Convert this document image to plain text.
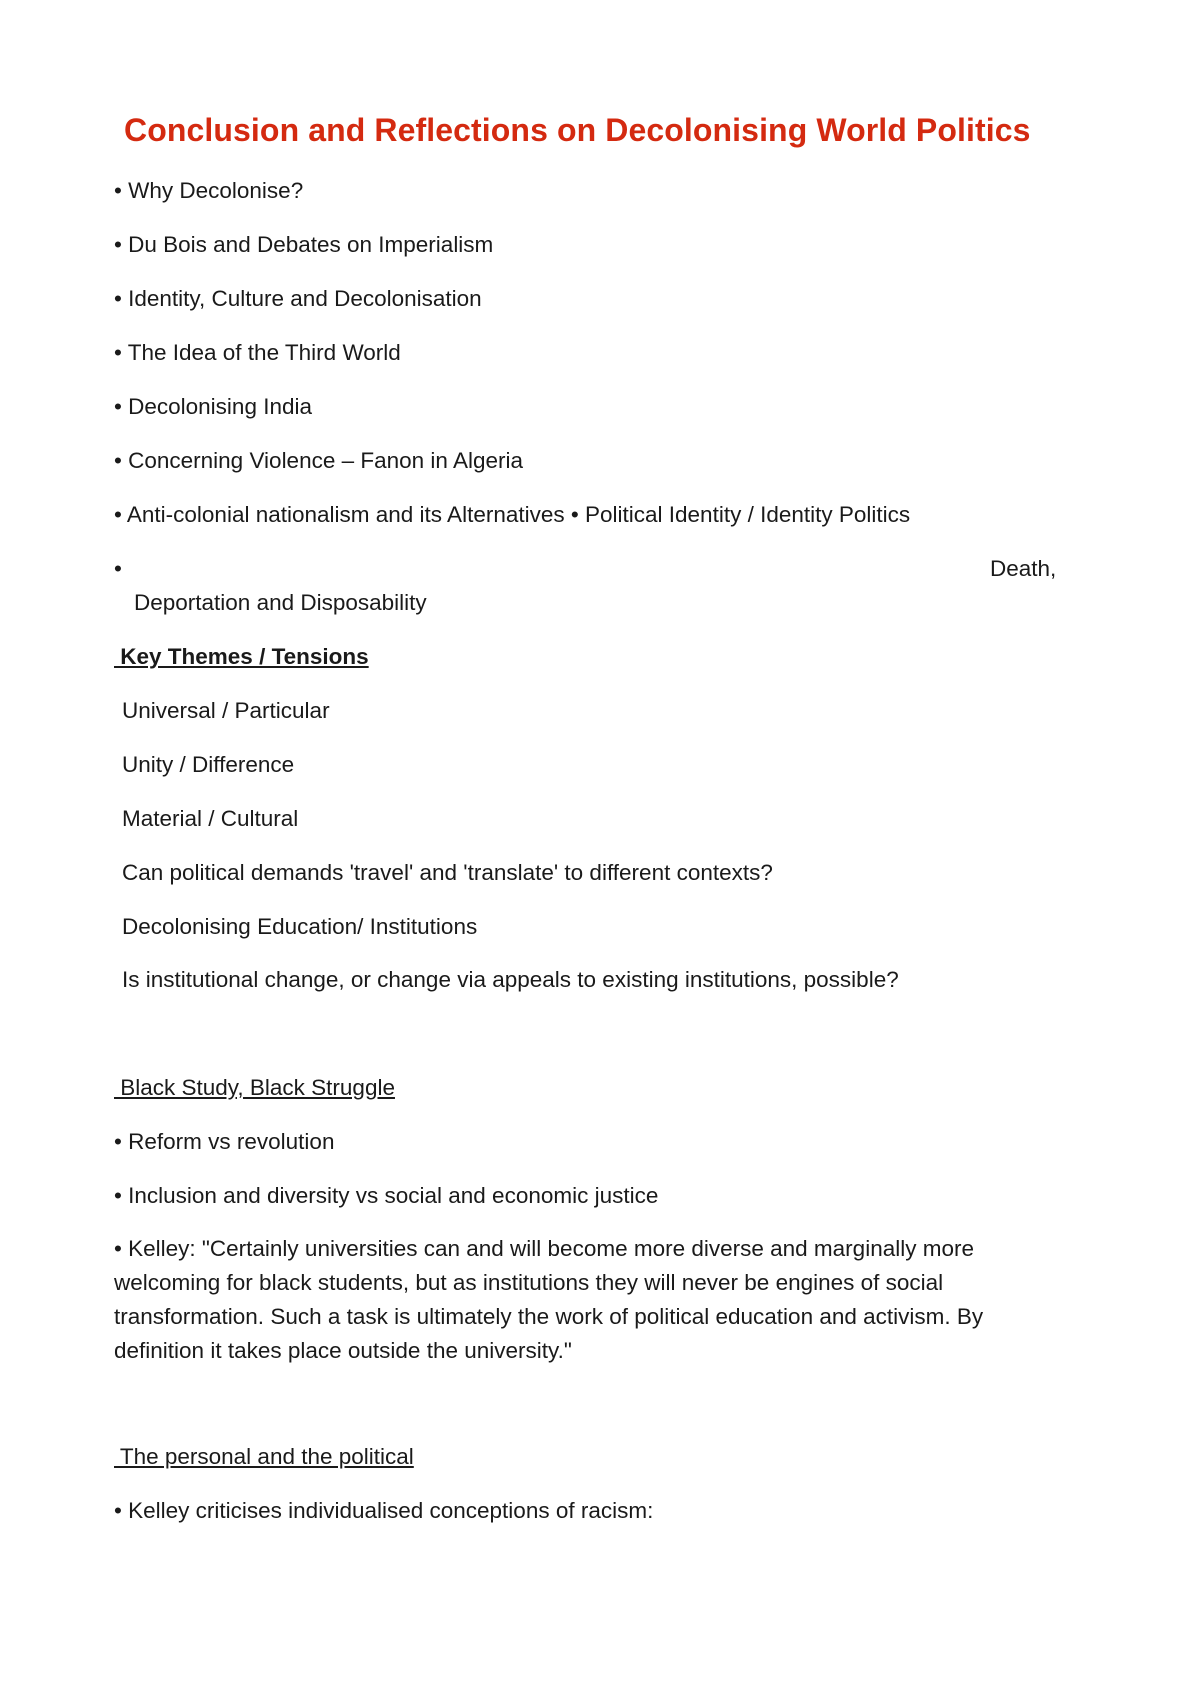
Conclusion and Reflections on Decolonising World Politics

• Why Decolonise?

• Du Bois and Debates on Imperialism

• Identity, Culture and Decolonisation

• The Idea of the Third World

• Decolonising India

• Concerning Violence – Fanon in Algeria

• Anti-colonial nationalism and its Alternatives • Political Identity / Identity Politics

•	Death,

Deportation and Disposability

Key Themes / Tensions

Universal / Particular

Unity / Difference

Material / Cultural

Can political demands 'travel' and 'translate' to different contexts?

Decolonising Education/ Institutions

Is institutional change, or change via appeals to existing institutions, possible?

Black Study, Black Struggle

• Reform vs revolution

• Inclusion and diversity vs social and economic justice

• Kelley: "Certainly universities can and will become more diverse and marginally more welcoming for black students, but as institutions they will never be engines of social transformation. Such a task is ultimately the work of political education and activism. By definition it takes place outside the university."

The personal and the political

• Kelley criticises individualised conceptions of racism:
